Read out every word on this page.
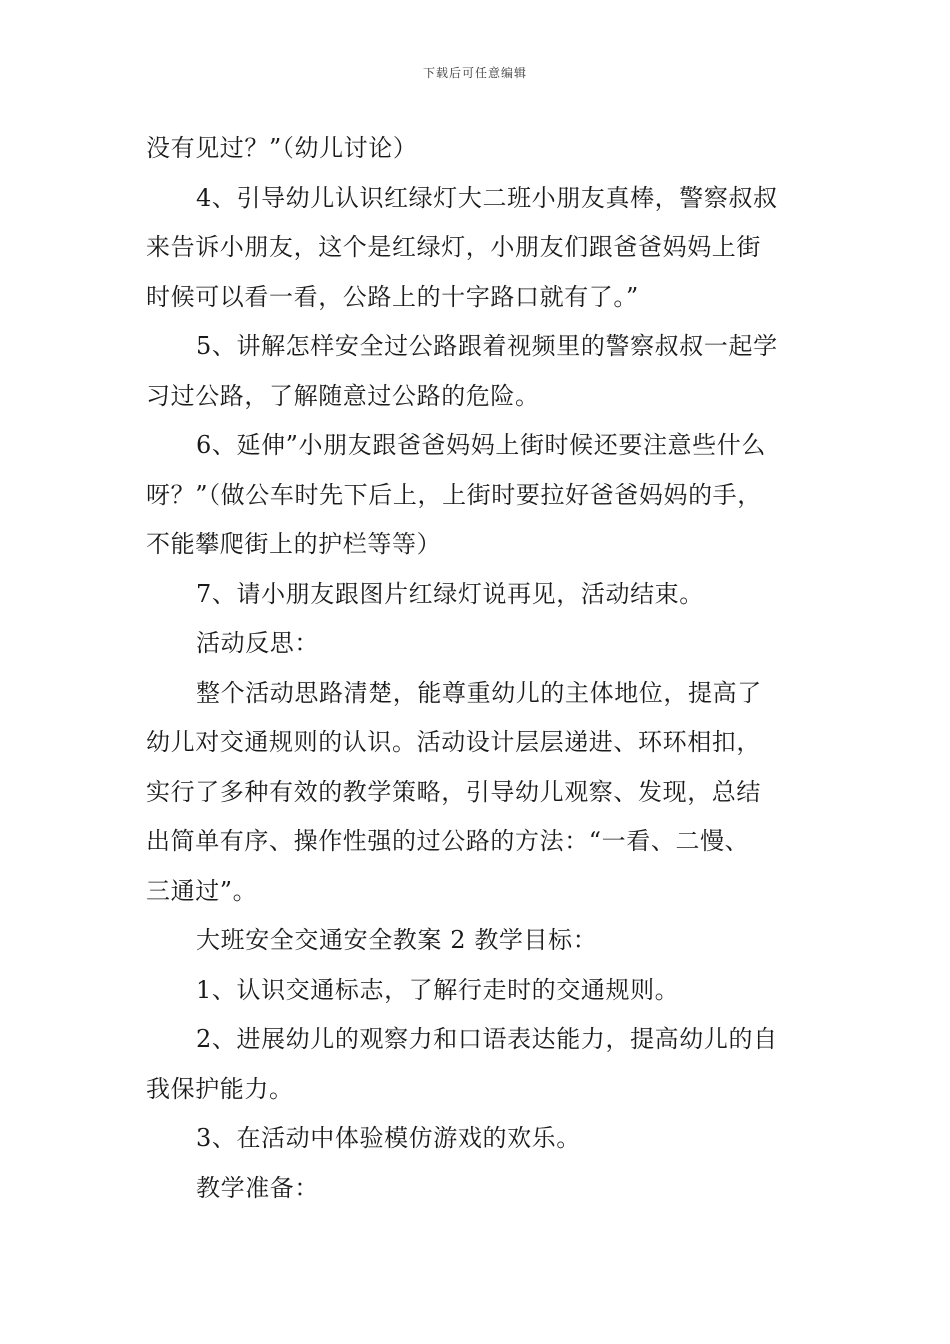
下载后可任意编辑
没有见过？”（幼儿讨论）
4、引导幼儿认识红绿灯大二班小朋友真棒，警察叔叔
来告诉小朋友，这个是红绿灯，小朋友们跟爸爸妈妈上街
时候可以看一看，公路上的十字路口就有了。”
5、讲解怎样安全过公路跟着视频里的警察叔叔一起学
习过公路，了解随意过公路的危险。
6、延伸”小朋友跟爸爸妈妈上街时候还要注意些什么
呀？”（做公车时先下后上，上街时要拉好爸爸妈妈的手，
不能攀爬街上的护栏等等）
7、请小朋友跟图片红绿灯说再见，活动结束。
活动反思：
整个活动思路清楚，能尊重幼儿的主体地位，提高了
幼儿对交通规则的认识。活动设计层层递进、环环相扣，
实行了多种有效的教学策略，引导幼儿观察、发现，总结
出简单有序、操作性强的过公路的方法：“一看、二慢、
三通过”。
大班安全交通安全教案 2 教学目标：
1、认识交通标志，了解行走时的交通规则。
2、进展幼儿的观察力和口语表达能力，提高幼儿的自
我保护能力。
3、在活动中体验模仿游戏的欢乐。
教学准备：
